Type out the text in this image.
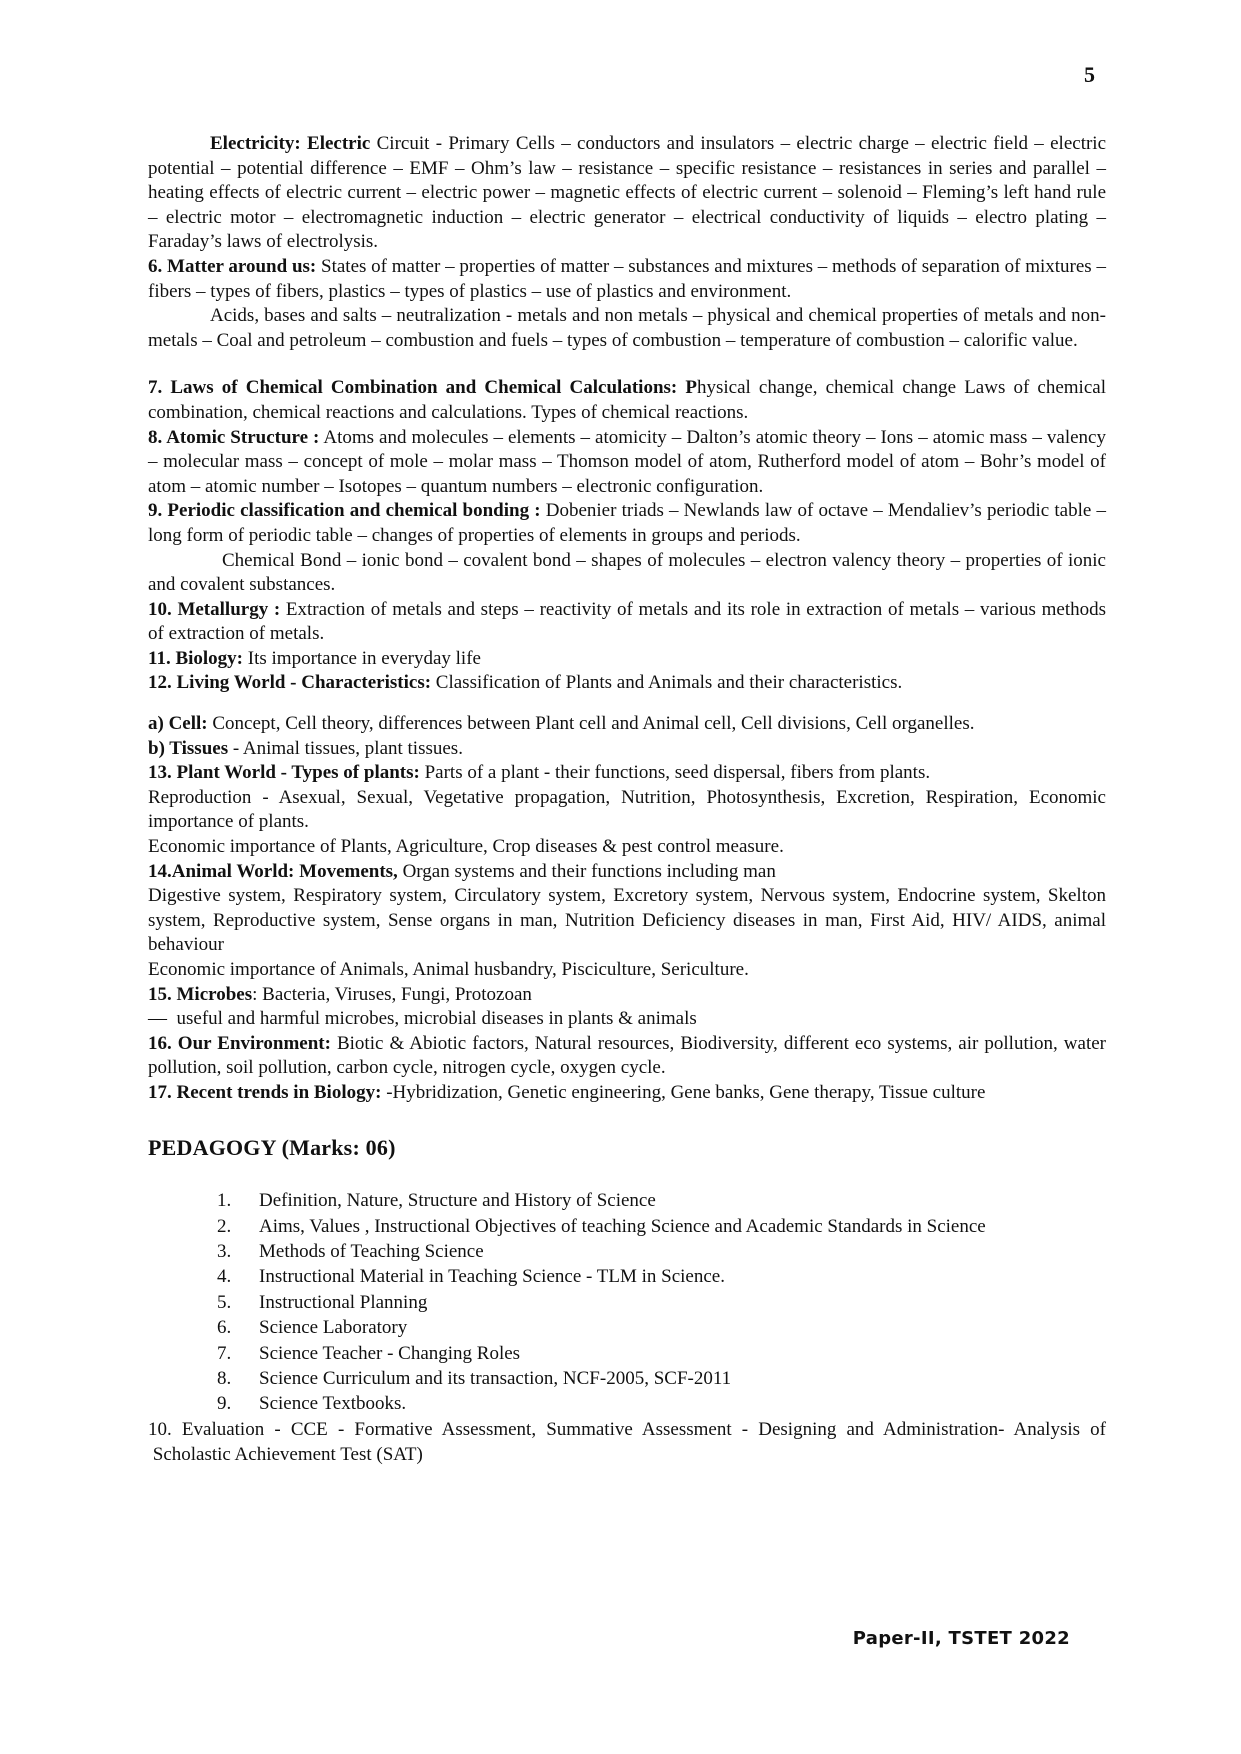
5

Electricity: Electric Circuit - Primary Cells – conductors and insulators – electric charge – electric field – electric potential – potential difference – EMF – Ohm’s law – resistance – specific resistance – resistances in series and parallel – heating effects of electric current – electric power – magnetic effects of electric current – solenoid – Fleming’s left hand rule – electric motor – electromagnetic induction – electric generator – electrical conductivity of liquids – electro plating – Faraday’s laws of electrolysis.

6. Matter around us: States of matter – properties of matter – substances and mixtures – methods of separation of mixtures – fibers – types of fibers, plastics – types of plastics – use of plastics and environment.

Acids, bases and salts – neutralization - metals and non metals – physical and chemical properties of metals and non-metals – Coal and petroleum – combustion and fuels – types of combustion – temperature of combustion – calorific value.

7. Laws of Chemical Combination and Chemical Calculations: Physical change, chemical change Laws of chemical combination, chemical reactions and calculations. Types of chemical reactions.

8. Atomic Structure : Atoms and molecules – elements – atomicity – Dalton’s atomic theory – Ions – atomic mass – valency – molecular mass – concept of mole – molar mass – Thomson model of atom, Rutherford model of atom – Bohr’s model of atom – atomic number – Isotopes – quantum numbers – electronic configuration.

9. Periodic classification and chemical bonding : Dobenier triads – Newlands law of octave – Mendaliev’s periodic table – long form of periodic table – changes of properties of elements in groups and periods.

Chemical Bond – ionic bond – covalent bond – shapes of molecules – electron valency theory – properties of ionic and covalent substances.

10. Metallurgy : Extraction of metals and steps – reactivity of metals and its role in extraction of metals – various methods of extraction of metals.

11. Biology: Its importance in everyday life

12. Living World - Characteristics: Classification of Plants and Animals and their characteristics.

a) Cell: Concept, Cell theory, differences between Plant cell and Animal cell, Cell divisions, Cell organelles.

b) Tissues - Animal tissues, plant tissues.

13. Plant World - Types of plants: Parts of a plant - their functions, seed dispersal, fibers from plants.

Reproduction - Asexual, Sexual, Vegetative propagation, Nutrition, Photosynthesis, Excretion, Respiration, Economic importance of plants.

Economic importance of Plants, Agriculture, Crop diseases & pest control measure.

14.Animal World: Movements, Organ systems and their functions including man

Digestive system, Respiratory system, Circulatory system, Excretory system, Nervous system, Endocrine system, Skelton system, Reproductive system, Sense organs in man, Nutrition Deficiency diseases in man, First Aid, HIV/ AIDS, animal behaviour

Economic importance of Animals, Animal husbandry, Pisciculture, Sericulture.

15. Microbes: Bacteria, Viruses, Fungi, Protozoan

— useful and harmful microbes, microbial diseases in plants & animals

16. Our Environment: Biotic & Abiotic factors, Natural resources, Biodiversity, different eco systems, air pollution, water pollution, soil pollution, carbon cycle, nitrogen cycle, oxygen cycle.

17. Recent trends in Biology: -Hybridization, Genetic engineering, Gene banks, Gene therapy, Tissue culture

PEDAGOGY (Marks: 06)
1.	Definition, Nature, Structure and History of Science
2.	Aims, Values , Instructional Objectives of teaching Science and Academic Standards in Science
3.	Methods of Teaching Science
4.	Instructional Material in Teaching Science - TLM in Science.
5.	Instructional Planning
6.	Science Laboratory
7.	Science Teacher - Changing Roles
8.	Science Curriculum and its transaction, NCF-2005, SCF-2011
9.	Science Textbooks.

10. Evaluation - CCE - Formative Assessment, Summative Assessment - Designing and Administration- Analysis of  Scholastic Achievement Test (SAT)

Paper-II, TSTET 2022
